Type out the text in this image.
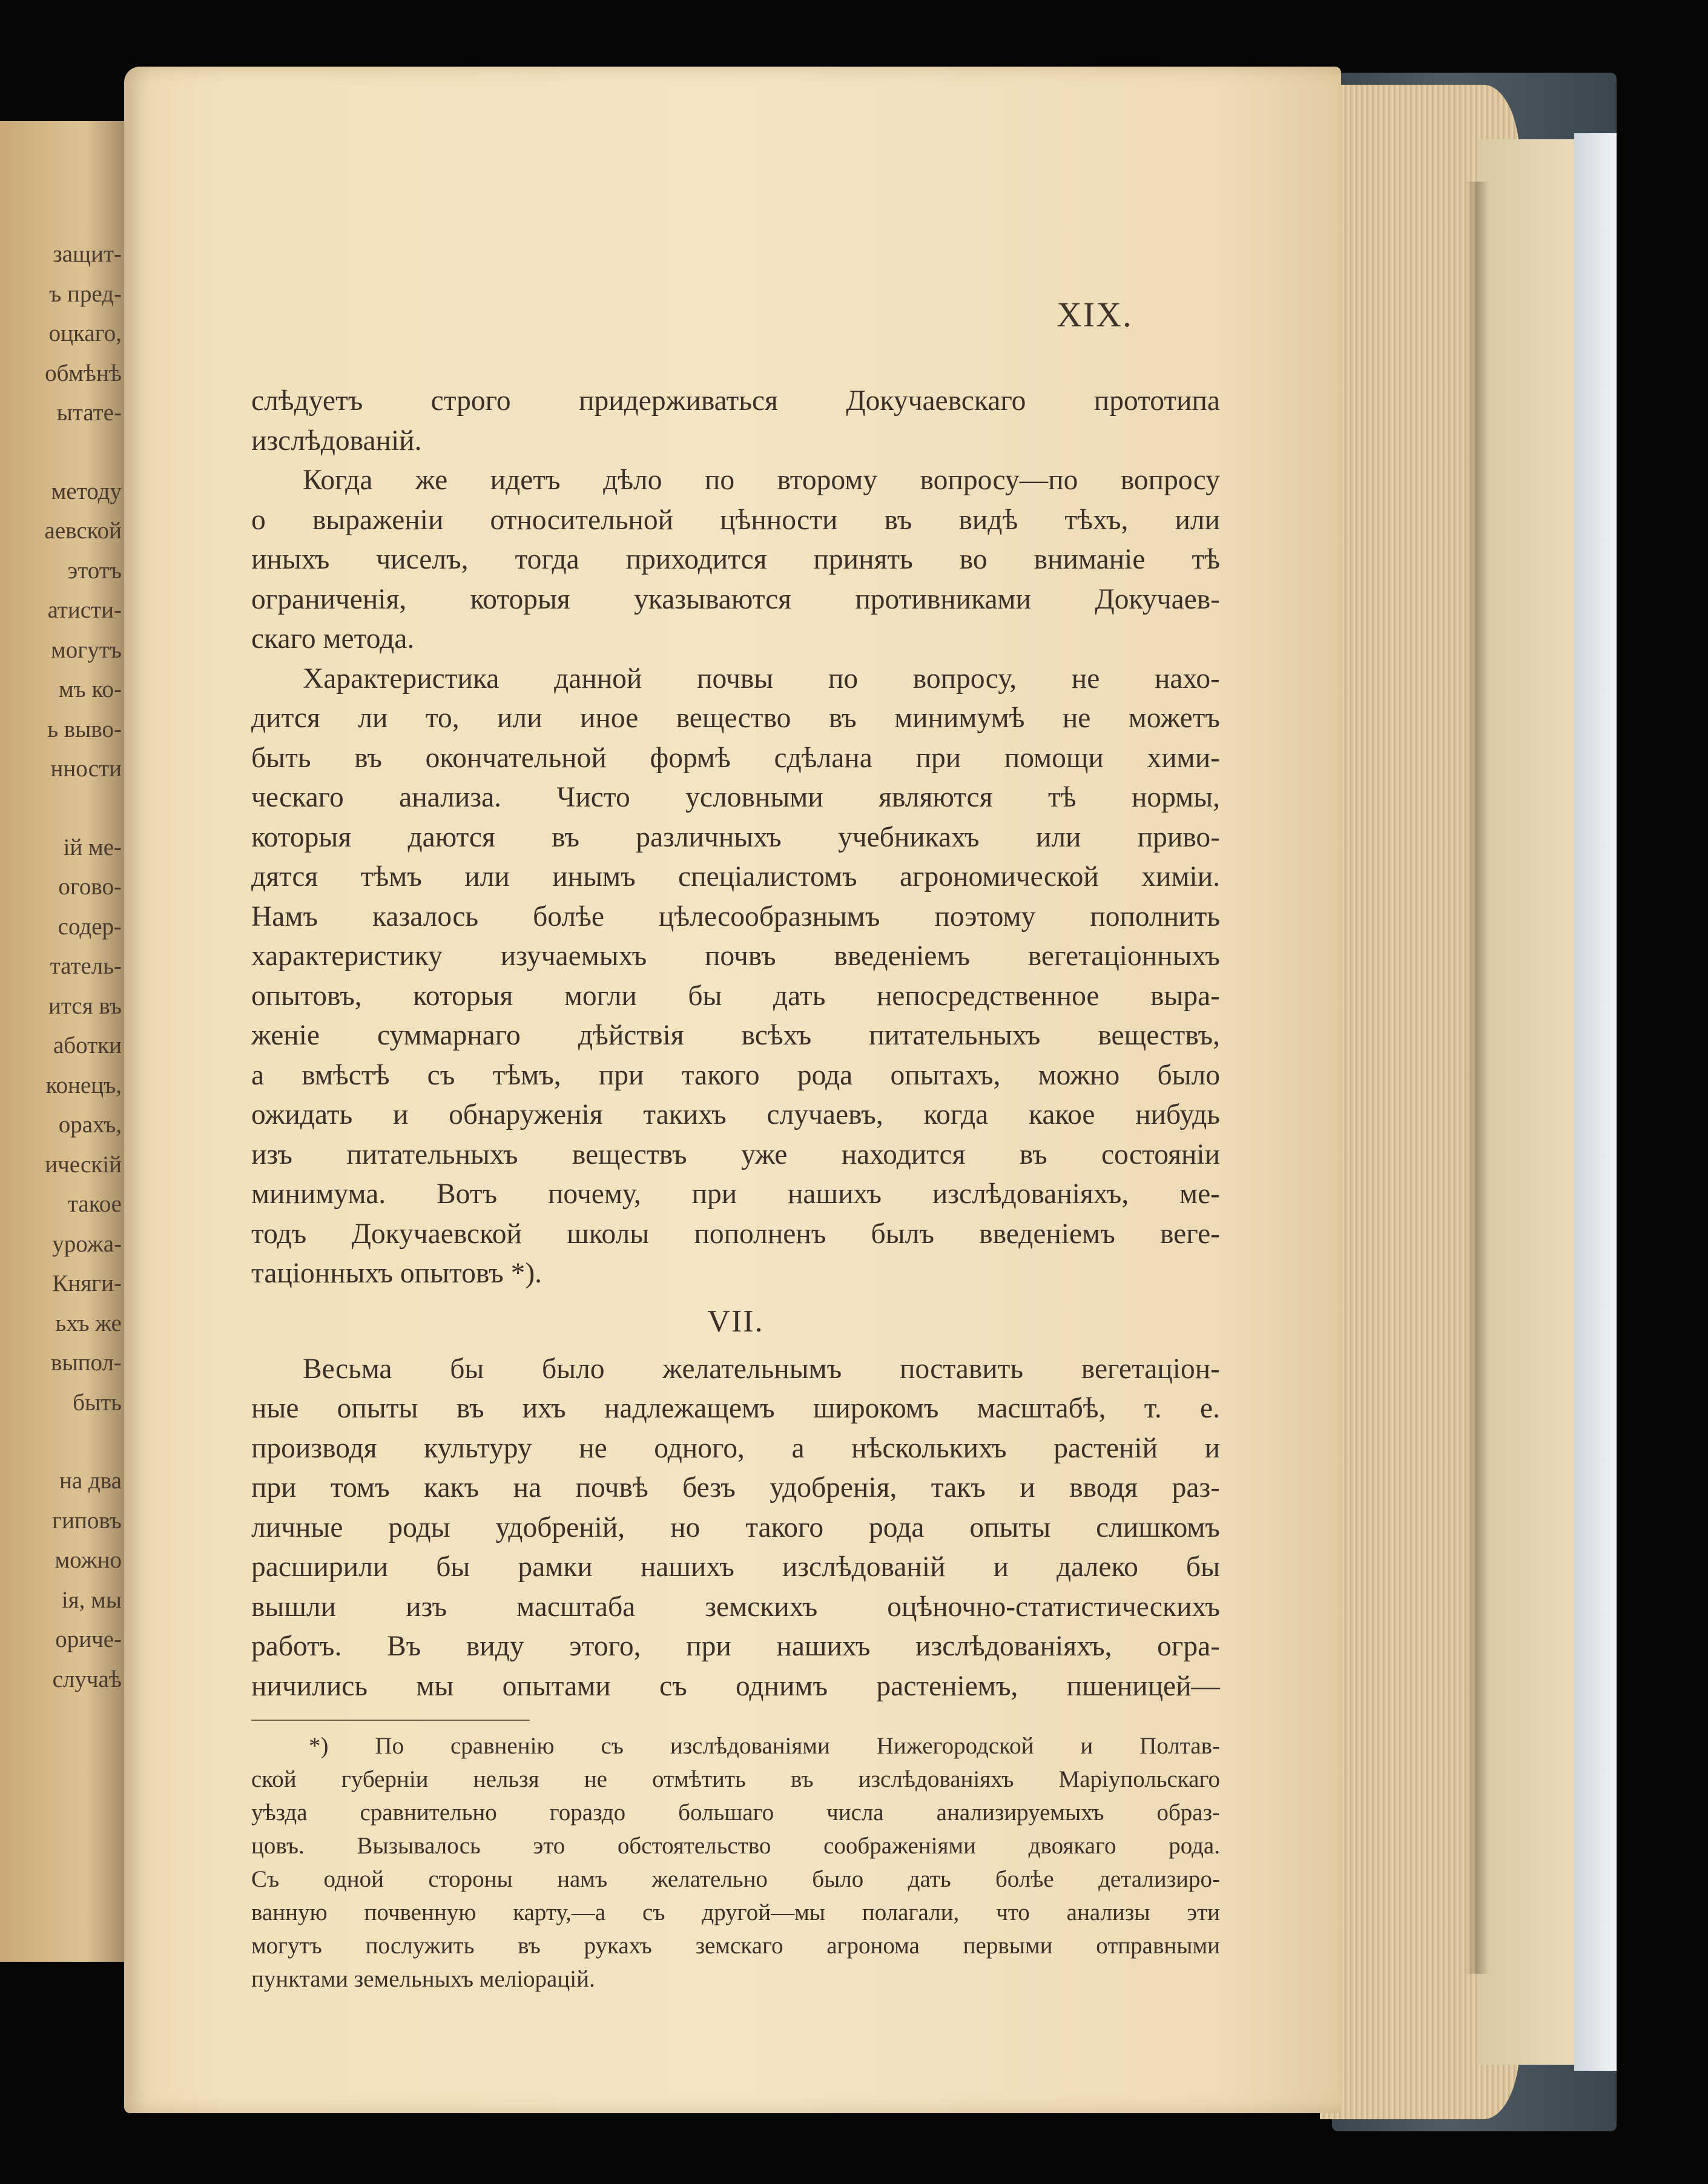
защит-

ъ пред-

оцкаго,

обмѣнѣ

ытате-

методу

аевской

этотъ

атисти-

могутъ

мъ ко-

ь выво-

нности

ій ме-

огово-

содер-

татель-

ится въ

аботки

конецъ,

орахъ,

ическій

такое

урожа-

Княги-

ьхъ же

выпол-

быть

на два

гиповъ

можно

ія, мы

оричe-

случаѣ

XIX.

слѣдуетъ строго придерживаться Докучаевскаго прототипа

изслѣдованій.

Когда же идетъ дѣло по второму вопросу—по вопросу

о выраженіи относительной цѣнности въ видѣ тѣхъ, или

иныхъ чиселъ, тогда приходится принять во вниманіе тѣ

ограниченія, которыя указываются противниками Докучаев-

скаго метода.

Характеристика данной почвы по вопросу, не нахо-

дится ли то, или иное вещество въ минимумѣ не можетъ

быть въ окончательной формѣ сдѣлана при помощи хими-

ческаго анализа. Чисто условными являются тѣ нормы,

которыя даются въ различныхъ учебникахъ или приво-

дятся тѣмъ или инымъ спеціалистомъ агрономической химіи.

Намъ казалось болѣе цѣлесообразнымъ поэтому пополнить

характеристику изучаемыхъ почвъ введеніемъ вегетаціонныхъ

опытовъ, которыя могли бы дать непосредственное выра-

женіе суммарнаго дѣйствія всѣхъ питательныхъ веществъ,

а вмѣстѣ съ тѣмъ, при такого рода опытахъ, можно было

ожидать и обнаруженія такихъ случаевъ, когда какое нибудь

изъ питательныхъ веществъ уже находится въ состояніи

минимума. Вотъ почему, при нашихъ изслѣдованіяхъ, ме-

тодъ Докучаевской школы пополненъ былъ введеніемъ веге-

таціонныхъ опытовъ *).

VII.

Весьма бы было желательнымъ поставить вегетаціон-

ные опыты въ ихъ надлежащемъ широкомъ масштабѣ, т. е.

производя культуру не одного, а нѣсколькихъ растеній и

при томъ какъ на почвѣ безъ удобренія, такъ и вводя раз-

личные роды удобреній, но такого рода опыты слишкомъ

расширили бы рамки нашихъ изслѣдованій и далеко бы

вышли изъ масштаба земскихъ оцѣночно-статистическихъ

работъ. Въ виду этого, при нашихъ изслѣдованіяхъ, огра-

ничились мы опытами съ однимъ растеніемъ, пшеницей—

*) По сравненію съ изслѣдованіями Нижегородской и Полтав-

ской губерніи нельзя не отмѣтить въ изслѣдованіяхъ Маріупольскаго

уѣзда сравнительно гораздо большаго числа анализируемыхъ образ-

цовъ. Вызывалось это обстоятельство соображеніями двоякаго рода.

Съ одной стороны намъ желательно было дать болѣе детализиро-

ванную почвенную карту,—а съ другой—мы полагали, что анализы эти

могутъ послужить въ рукахъ земскаго агронома первыми отправными

пунктами земельныхъ меліорацій.
